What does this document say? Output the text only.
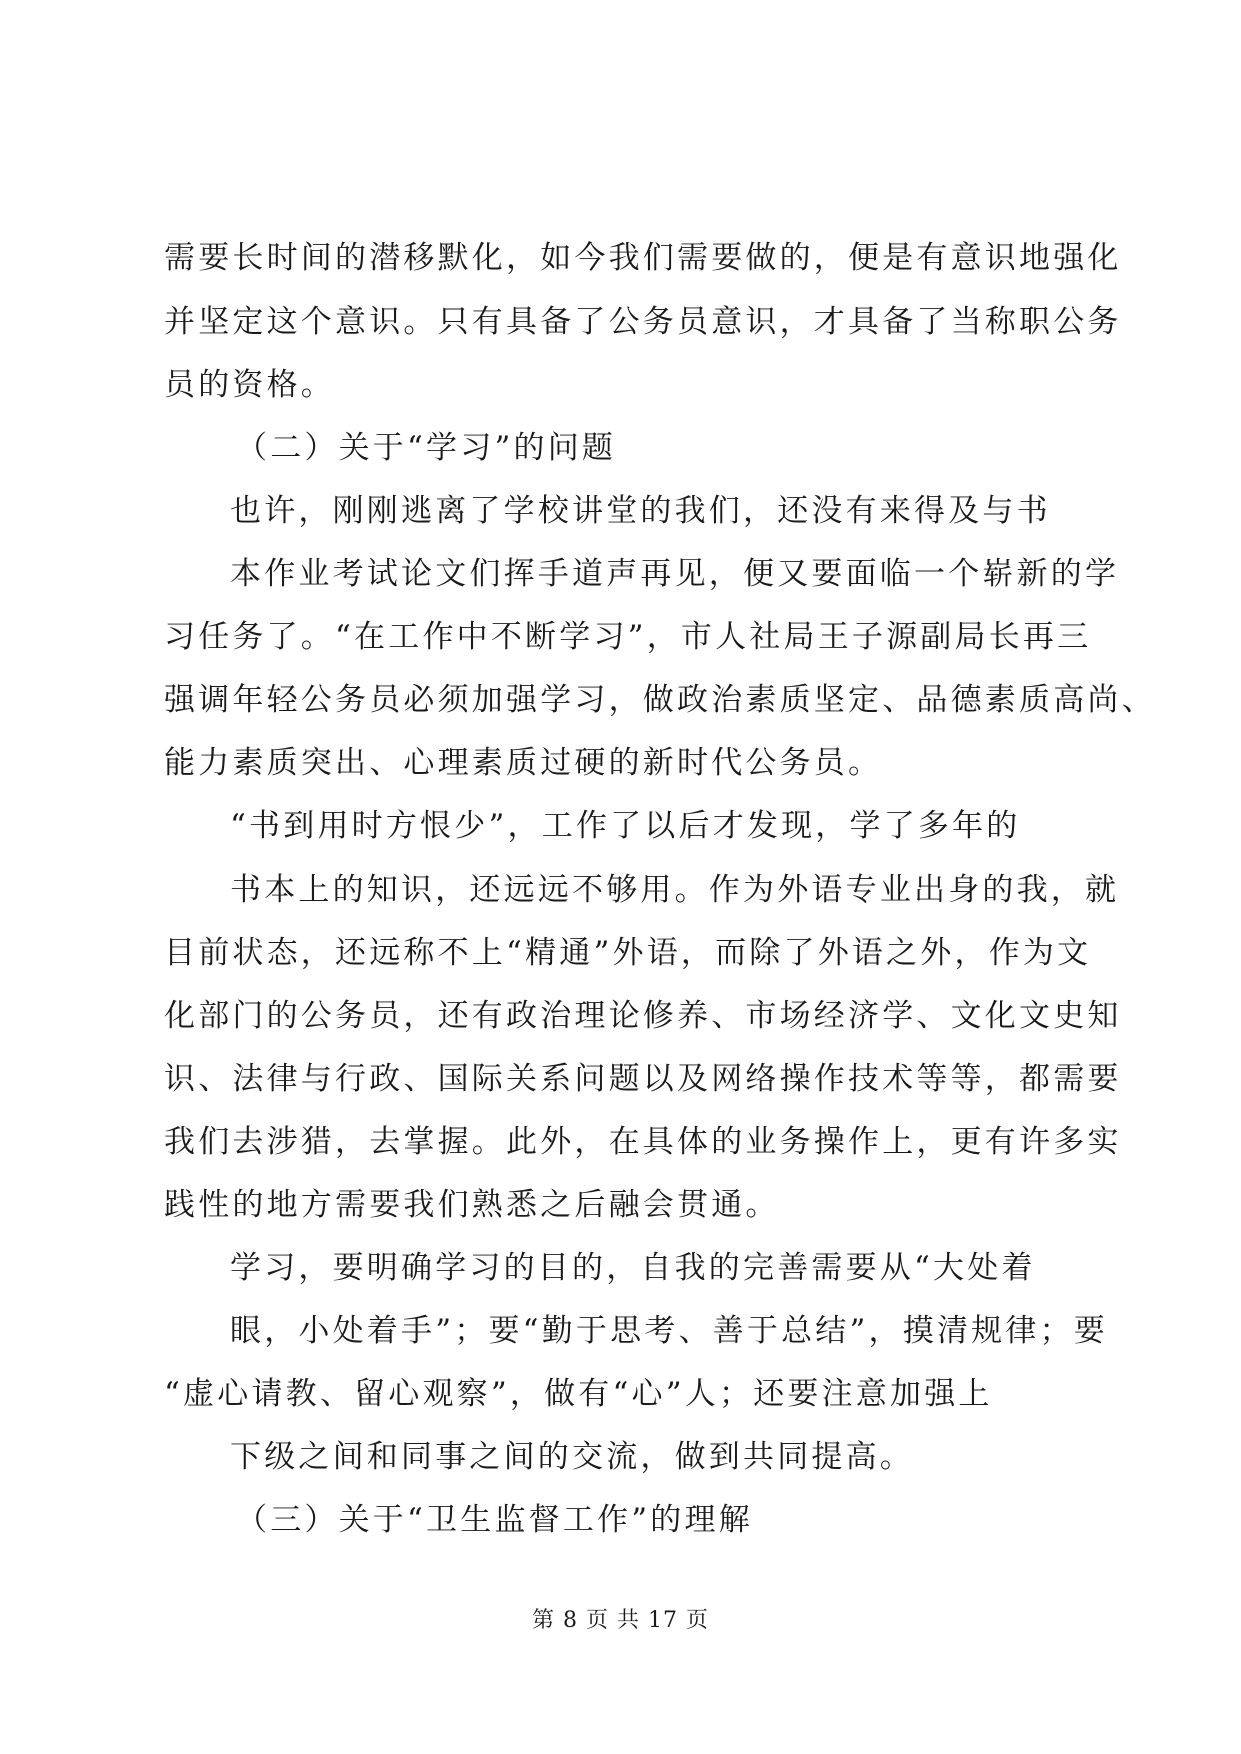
需要长时间的潜移默化，如今我们需要做的，便是有意识地强化
并坚定这个意识。只有具备了公务员意识，才具备了当称职公务
员的资格。
（二）关于“学习”的问题
也许，刚刚逃离了学校讲堂的我们，还没有来得及与书
本作业考试论文们挥手道声再见，便又要面临一个崭新的学
习任务了。“在工作中不断学习”，市人社局王子源副局长再三
强调年轻公务员必须加强学习，做政治素质坚定、品德素质高尚、
能力素质突出、心理素质过硬的新时代公务员。
“书到用时方恨少”，工作了以后才发现，学了多年的
书本上的知识，还远远不够用。作为外语专业出身的我，就
目前状态，还远称不上“精通”外语，而除了外语之外，作为文
化部门的公务员，还有政治理论修养、市场经济学、文化文史知
识、法律与行政、国际关系问题以及网络操作技术等等，都需要
我们去涉猎，去掌握。此外，在具体的业务操作上，更有许多实
践性的地方需要我们熟悉之后融会贯通。
学习，要明确学习的目的，自我的完善需要从“大处着
眼，小处着手”；要“勤于思考、善于总结”，摸清规律；要
“虚心请教、留心观察”，做有“心”人；还要注意加强上
下级之间和同事之间的交流，做到共同提高。
（三）关于“卫生监督工作”的理解
第 8 页 共 17 页
